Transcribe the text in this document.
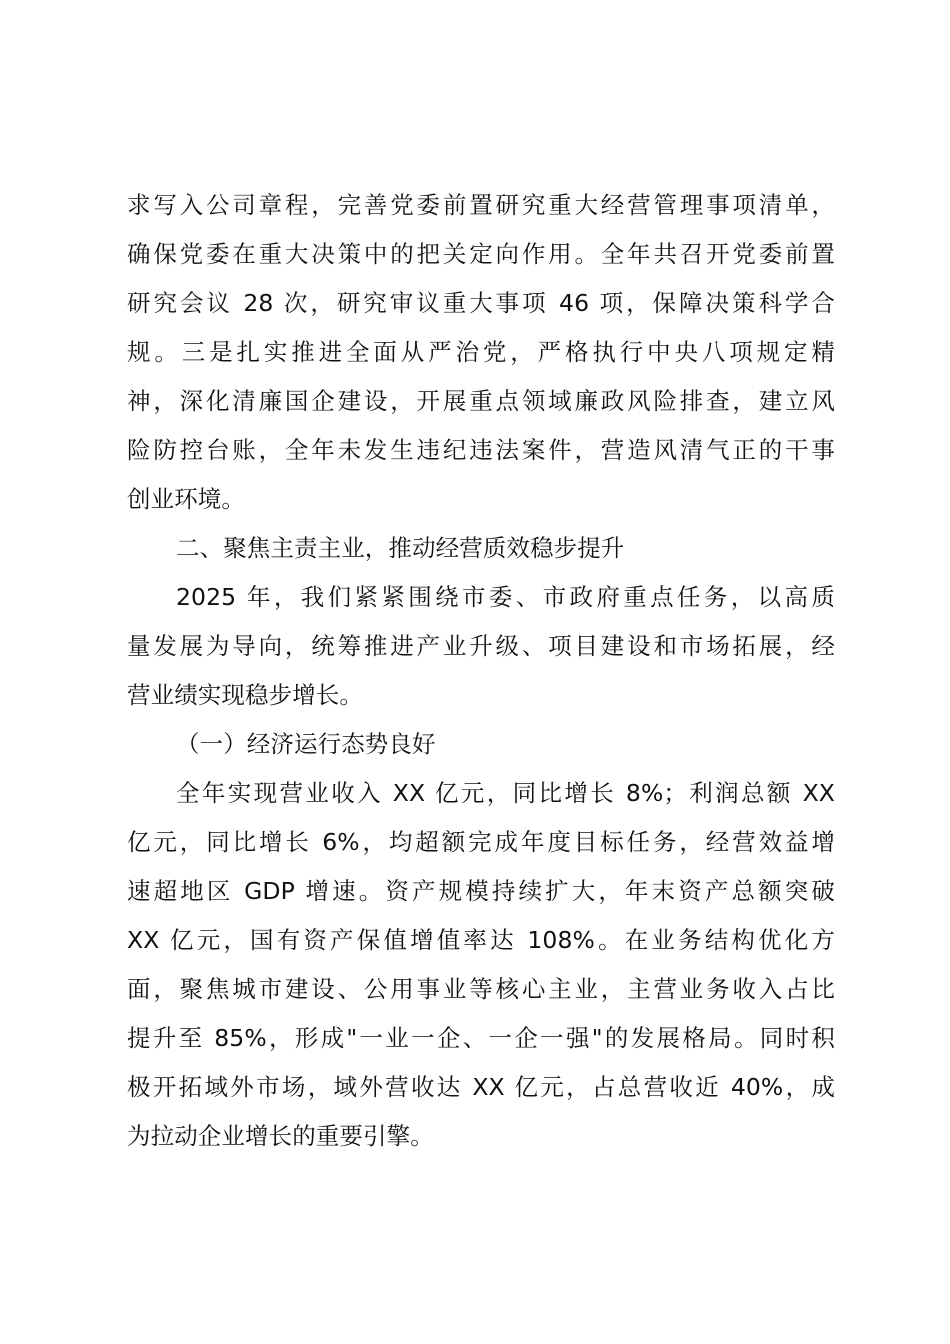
求写入公司章程，完善党委前置研究重大经营管理事项清单，
确保党委在重大决策中的把关定向作用。全年共召开党委前置
研究会议 28 次，研究审议重大事项 46 项，保障决策科学合
规。三是扎实推进全面从严治党，严格执行中央八项规定精
神，深化清廉国企建设，开展重点领域廉政风险排查，建立风
险防控台账，全年未发生违纪违法案件，营造风清气正的干事
创业环境。
二、聚焦主责主业，推动经营质效稳步提升
2025 年，我们紧紧围绕市委、市政府重点任务，以高质
量发展为导向，统筹推进产业升级、项目建设和市场拓展，经
营业绩实现稳步增长。
（一）经济运行态势良好
全年实现营业收入 XX 亿元，同比增长 8%；利润总额 XX
亿元，同比增长 6%，均超额完成年度目标任务，经营效益增
速超地区 GDP 增速。资产规模持续扩大，年末资产总额突破
XX 亿元，国有资产保值增值率达 108%。在业务结构优化方
面，聚焦城市建设、公用事业等核心主业，主营业务收入占比
提升至 85%，形成"一业一企、一企一强"的发展格局。同时积
极开拓域外市场，域外营收达 XX 亿元，占总营收近 40%，成
为拉动企业增长的重要引擎。
